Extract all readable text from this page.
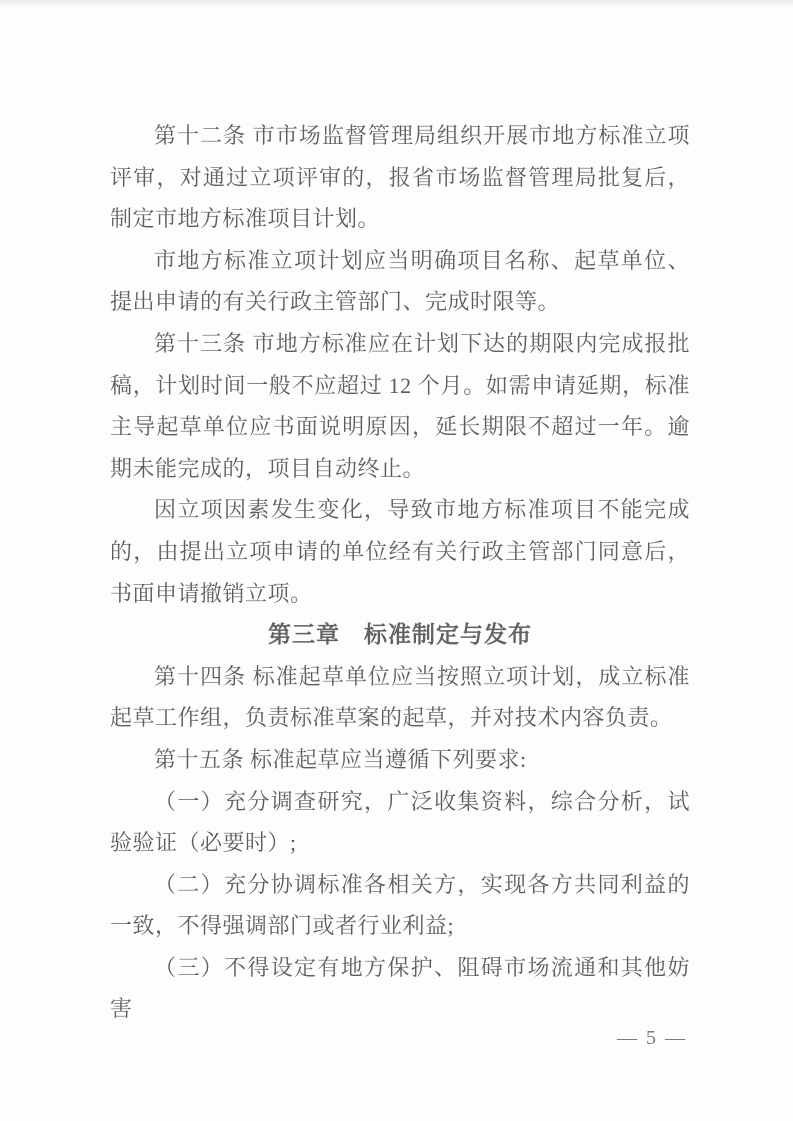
第十二条 市市场监督管理局组织开展市地方标准立项评审，对通过立项评审的，报省市场监督管理局批复后，制定市地方标准项目计划。

市地方标准立项计划应当明确项目名称、起草单位、提出申请的有关行政主管部门、完成时限等。

第十三条 市地方标准应在计划下达的期限内完成报批稿，计划时间一般不应超过 12 个月。如需申请延期，标准主导起草单位应书面说明原因，延长期限不超过一年。逾期未能完成的，项目自动终止。

因立项因素发生变化，导致市地方标准项目不能完成的，由提出立项申请的单位经有关行政主管部门同意后，书面申请撤销立项。

第三章　标准制定与发布

第十四条 标准起草单位应当按照立项计划，成立标准起草工作组，负责标准草案的起草，并对技术内容负责。

第十五条 标准起草应当遵循下列要求:

（一）充分调查研究，广泛收集资料，综合分析，试验验证（必要时）;

（二）充分协调标准各相关方，实现各方共同利益的一致，不得强调部门或者行业利益;

（三）不得设定有地方保护、阻碍市场流通和其他妨害

— 5 —
